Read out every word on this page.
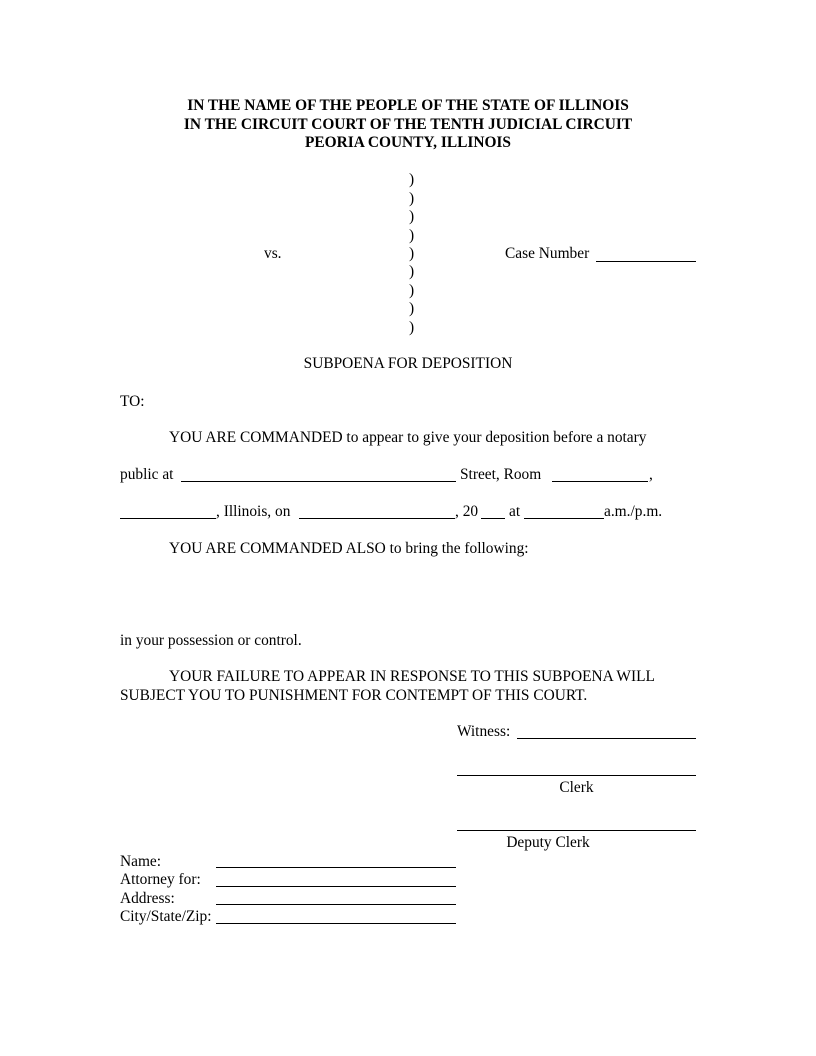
IN THE NAME OF THE PEOPLE OF THE STATE OF ILLINOIS
IN THE CIRCUIT COURT OF THE TENTH JUDICIAL CIRCUIT
PEORIA COUNTY, ILLINOIS
)
)
)
)
)
)
)
)
)
vs.	Case Number
SUBPOENA FOR DEPOSITION
TO:
YOU ARE COMMANDED to appear to give your deposition before a notary
public at	Street, Room	,
, Illinois, on	, 20 at	a.m./p.m.
YOU ARE COMMANDED ALSO to bring the following:
in your possession or control.
YOUR FAILURE TO APPEAR IN RESPONSE TO THIS SUBPOENA WILL
SUBJECT YOU TO PUNISHMENT FOR CONTEMPT OF THIS COURT.
Witness:
Clerk
Deputy Clerk
Name:
Attorney for:
Address:
City/State/Zip:
